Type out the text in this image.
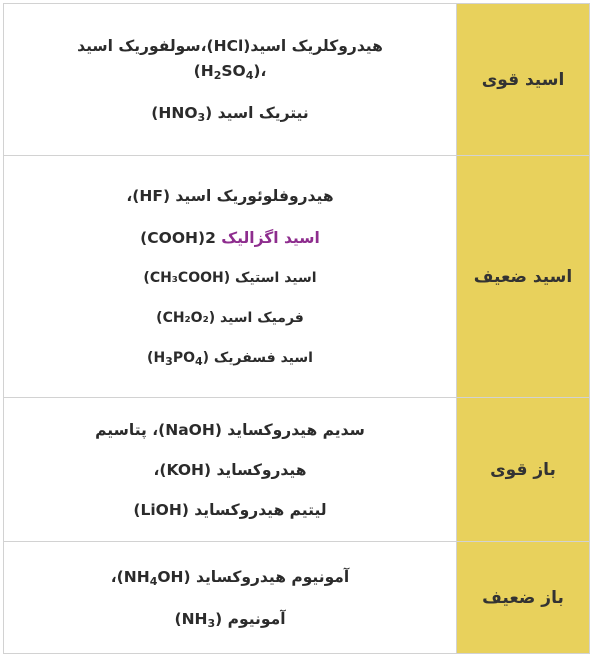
اسید قوی	هیدروکلریک اسید(HCl)،سولفوریک اسید
$(H_2SO_4)،$
نیتریک اسید $(HNO_3)$

اسید ضعیف	هیدروفلوئوریک اسید (HF)،
اسید اگزالیک 2(COOH)
اسید استیک (CH₃COOH)
فرمیک اسید (CH₂O₂)
اسید فسفریک $(H_3PO_4)$

باز قوی	سدیم هیدروکساید (NaOH)، پتاسیم
هیدروکساید (KOH)،
لیتیم هیدروکساید (LiOH)

باز ضعیف	آمونیوم هیدروکساید $(NH_4OH)،$
آمونیوم $(NH_3)$
